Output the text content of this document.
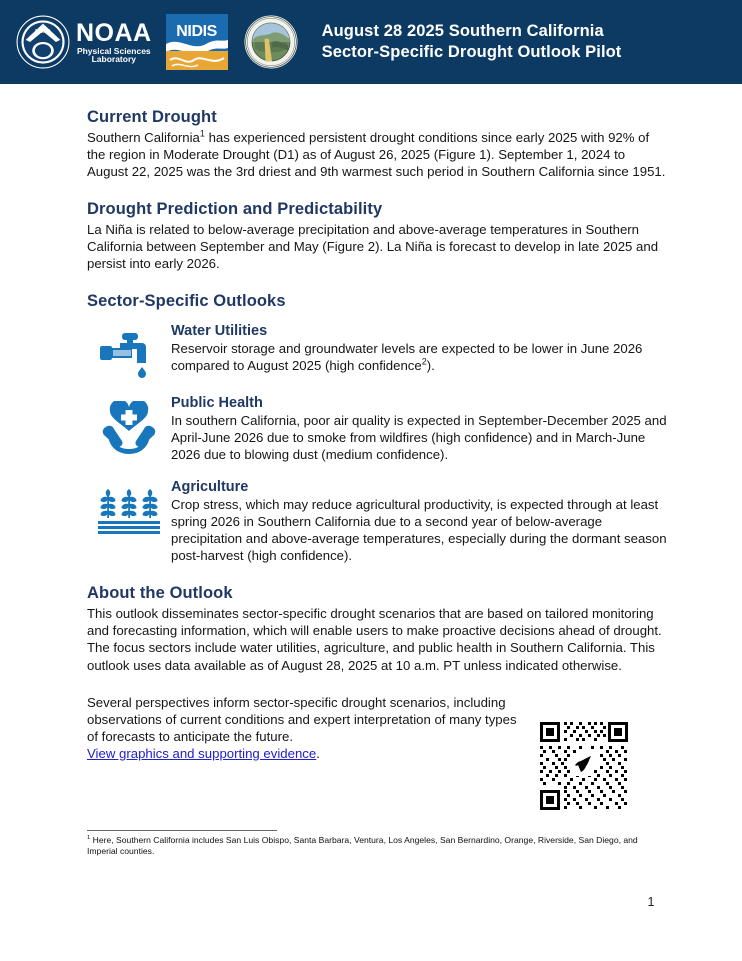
NOAA NOAA
Physical Sciences
Laboratory
NIDIS	August 28 2025 Southern California
Sector-Specific Drought Outlook Pilot
Current Drought

Southern California$^1$ has experienced persistent drought conditions since early 2025 with 92% of the region in Moderate Drought (D1) as of August 26, 2025 (Figure 1). September 1, 2024 to August 22, 2025 was the 3rd driest and 9th warmest such period in Southern California since 1951.

Drought Prediction and Predictability

La Niña is related to below-average precipitation and above-average temperatures in Southern California between September and May (Figure 2). La Niña is forecast to develop in late 2025 and persist into early 2026.

Sector-Specific Outlooks
Water Utilities

Reservoir storage and groundwater levels are expected to be lower in June 2026 compared to August 2025 (high confidence$^2$).

Public Health

In southern California, poor air quality is expected in September-December 2025 and April-June 2026 due to smoke from wildfires (high confidence) and in March-June 2026 due to blowing dust (medium confidence).

Agriculture

Crop stress, which may reduce agricultural productivity, is expected through at least spring 2026 in Southern California due to a second year of below-average precipitation and above-average temperatures, especially during the dormant season post-harvest (high confidence).

About the Outlook

This outlook disseminates sector-specific drought scenarios that are based on tailored monitoring and forecasting information, which will enable users to make proactive decisions ahead of drought. The focus sectors include water utilities, agriculture, and public health in Southern California. This outlook uses data available as of August 28, 2025 at 10 a.m. PT unless indicated otherwise.

Several perspectives inform sector-specific drought scenarios, including observations of current conditions and expert interpretation of many types of forecasts to anticipate the future.
View graphics and supporting evidence.

$^1$ Here, Southern California includes San Luis Obispo, Santa Barbara, Ventura, Los Angeles, San Bernardino, Orange, Riverside, San Diego, and Imperial counties.
1
